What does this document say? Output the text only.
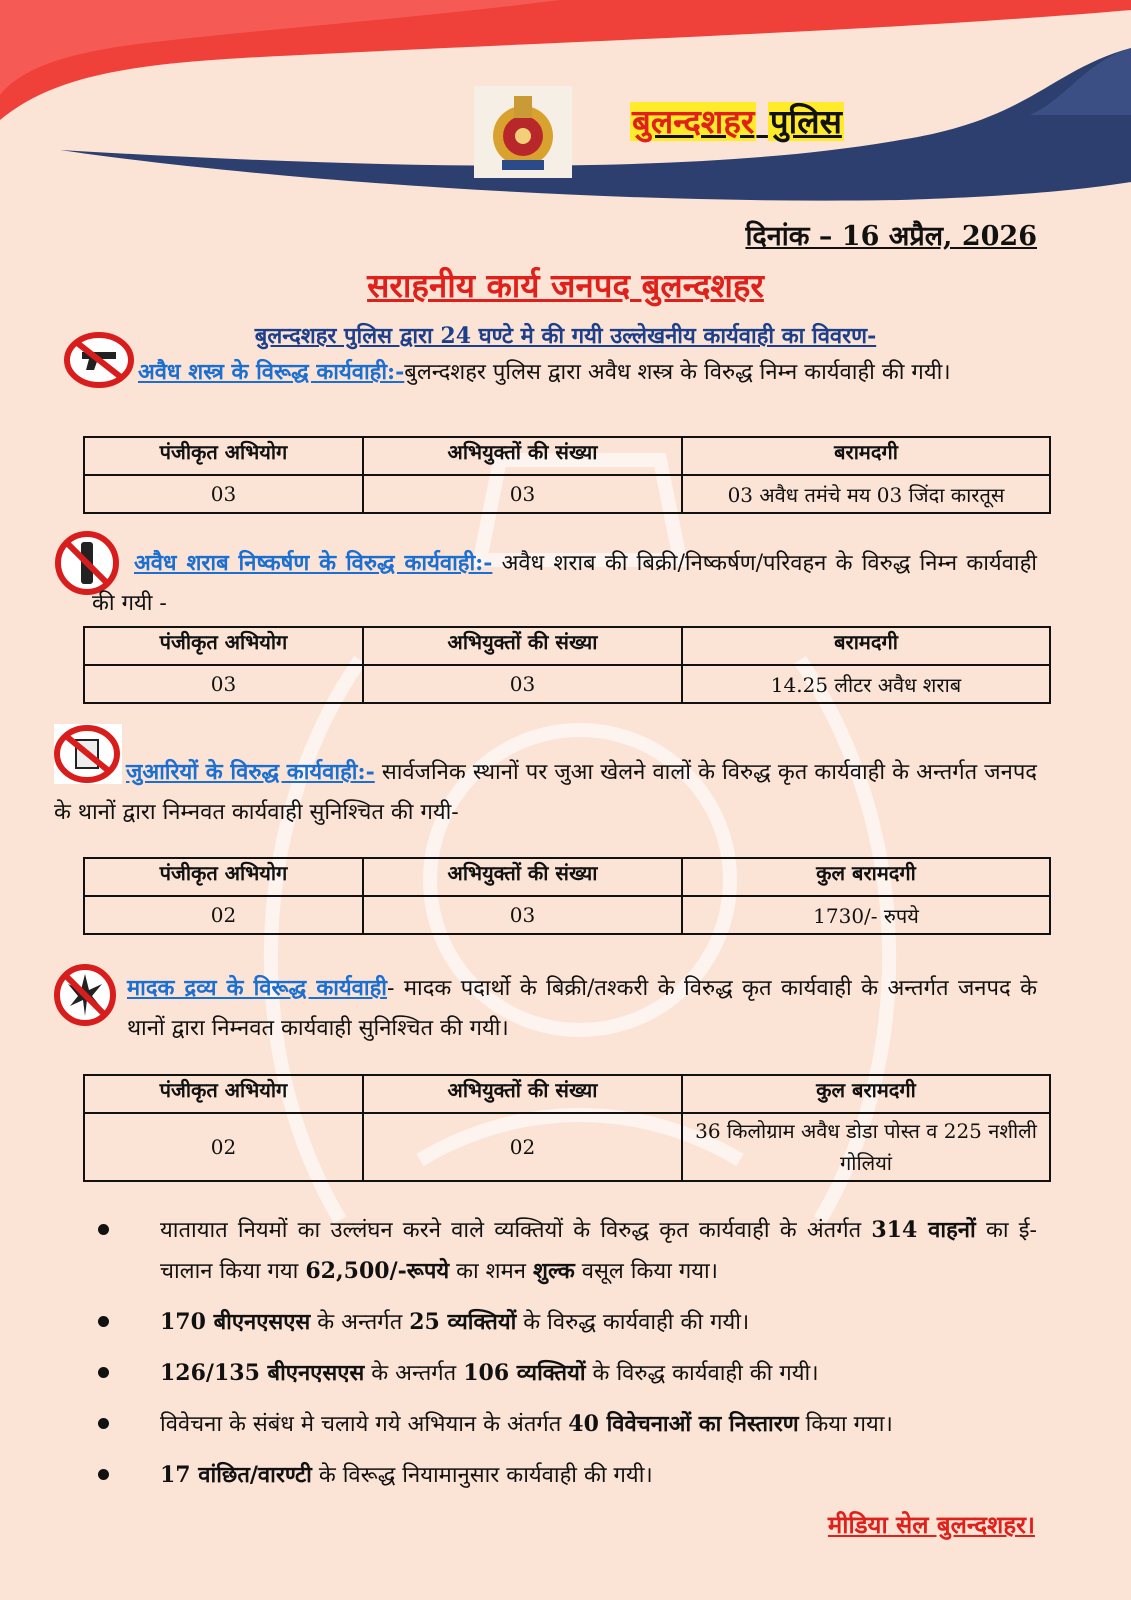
बुलन्दशहर पुलिस
दिनांक – 16 अप्रैल, 2026
सराहनीय कार्य जनपद बुलन्दशहर
बुलन्दशहर पुलिस द्वारा 24 घण्टे मे की गयी उल्लेखनीय कार्यवाही का विवरण-
अवैध शस्त्र के विरूद्ध कार्यवाही:-बुलन्दशहर पुलिस द्वारा अवैध शस्त्र के विरुद्ध निम्न कार्यवाही की गयी।
पंजीकृत अभियोग	अभियुक्तों की संख्या	बरामदगी
03	03	03 अवैध तमंचे मय 03 जिंदा कारतूस
अवैध शराब निष्कर्षण के विरुद्ध कार्यवाही:- अवैध शराब की बिक्री/निष्कर्षण/परिवहन के विरुद्ध निम्न कार्यवाही की गयी -
पंजीकृत अभियोग	अभियुक्तों की संख्या	बरामदगी
03	03	14.25 लीटर अवैध शराब
जुआरियों के विरुद्ध कार्यवाही:- सार्वजनिक स्थानों पर जुआ खेलने वालों के विरुद्ध कृत कार्यवाही के अन्तर्गत जनपद के थानों द्वारा निम्नवत कार्यवाही सुनिश्चित की गयी-
पंजीकृत अभियोग	अभियुक्तों की संख्या	कुल बरामदगी
02	03	1730/- रुपये
मादक द्रव्य के विरूद्ध कार्यवाही- मादक पदार्थो के बिक्री/तश्करी के विरुद्ध कृत कार्यवाही के अन्तर्गत जनपद के थानों द्वारा निम्नवत कार्यवाही सुनिश्चित की गयी।
पंजीकृत अभियोग	अभियुक्तों की संख्या	कुल बरामदगी
02	02	36 किलोग्राम अवैध डोडा पोस्त व 225 नशीली गोलियां
यातायात नियमों का उल्लंघन करने वाले व्यक्तियों के विरुद्ध कृत कार्यवाही के अंतर्गत 314 वाहनों का ई-चालान किया गया 62,500/-रूपये का शमन शुल्क वसूल किया गया।
170 बीएनएसएस के अन्तर्गत 25 व्यक्तियों के विरुद्ध कार्यवाही की गयी।
126/135 बीएनएसएस के अन्तर्गत 106 व्यक्तियों के विरुद्ध कार्यवाही की गयी।
विवेचना के संबंध मे चलाये गये अभियान के अंतर्गत 40 विवेचनाओं का निस्तारण किया गया।
17 वांछित/वारण्टी के विरूद्ध नियामानुसार कार्यवाही की गयी।
मीडिया सेल बुलन्दशहर।
